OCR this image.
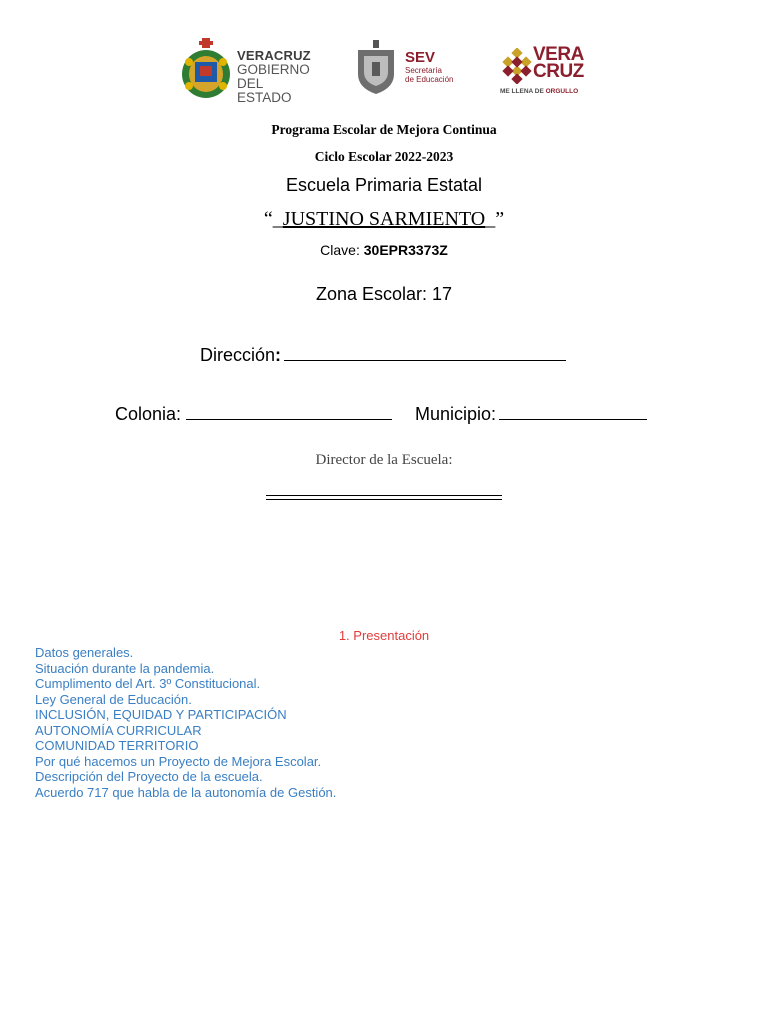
VERACRUZ
GOBIERNO
DEL ESTADO
SEV
Secretaría
de Educación
VERA
CRUZ
ME LLENA DE ORGULLO
Programa Escolar de Mejora Continua
Ciclo Escolar 2022-2023
Escuela Primaria Estatal
“_JUSTINO SARMIENTO_”
Clave: 30EPR3373Z
Zona Escolar: 17
Dirección:
Colonia:	Municipio:
Director de la Escuela:
1. Presentación
Datos generales.
Situación durante la pandemia.
Cumplimento del Art. 3º Constitucional.
Ley General de Educación.
INCLUSIÓN, EQUIDAD Y PARTICIPACIÓN
AUTONOMÍA CURRICULAR
COMUNIDAD TERRITORIO
Por qué hacemos un Proyecto de Mejora Escolar.
Descripción del Proyecto de la escuela.
Acuerdo 717 que habla de la autonomía de Gestión.
